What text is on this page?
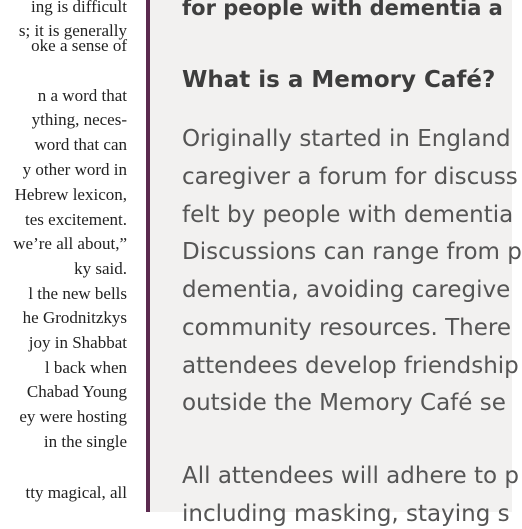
ing is difficult
s; it is generally
oke a sense of
n a word that
ything, neces-
word that can
y other word in
Hebrew lexicon,
tes excitement.
we’re all about,”
ky said.
l the new bells
he Grodnitzkys
joy in Shabbat
l back when
Chabad Young
ey were hosting
in the single
tty magical, all
for people with dementia a
What is a Memory Café?
Originally started in England
caregiver a forum for discuss
felt by people with dementia
Discussions can range from p
dementia, avoiding caregive
community resources. There
attendees develop friendship
outside the Memory Café se
All attendees will adhere to p
including masking, staying s
